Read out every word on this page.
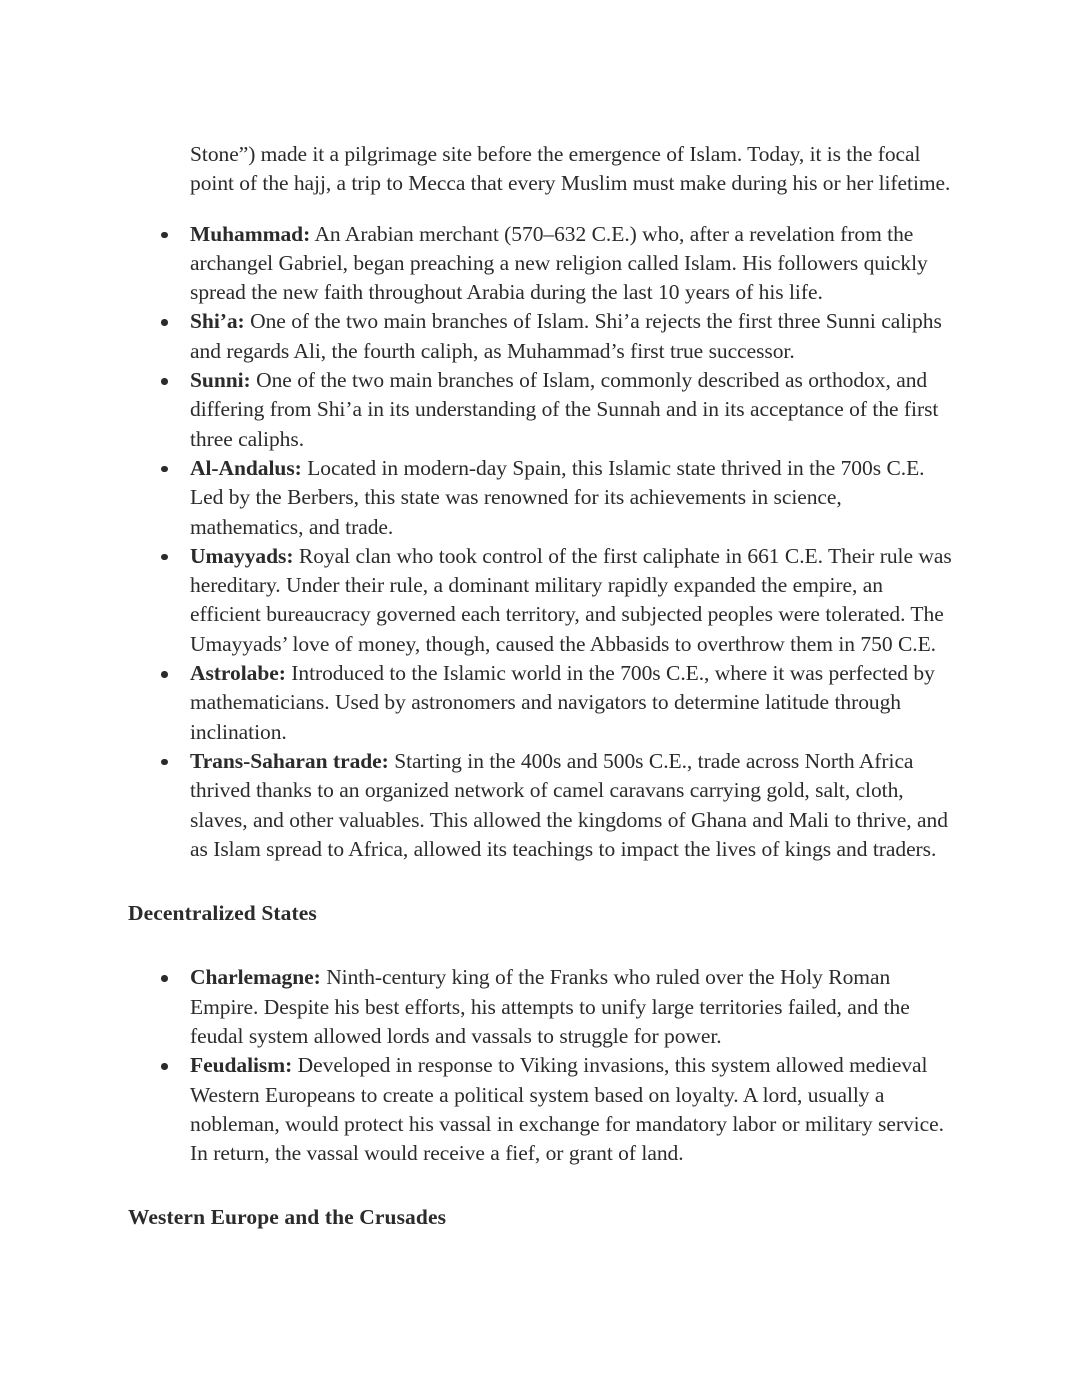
Stone”) made it a pilgrimage site before the emergence of Islam. Today, it is the focal point of the hajj, a trip to Mecca that every Muslim must make during his or her lifetime.

Muhammad: An Arabian merchant (570–632 C.E.) who, after a revelation from the archangel Gabriel, began preaching a new religion called Islam. His followers quickly spread the new faith throughout Arabia during the last 10 years of his life.
Shi’a: One of the two main branches of Islam. Shi’a rejects the first three Sunni caliphs and regards Ali, the fourth caliph, as Muhammad’s first true successor.
Sunni: One of the two main branches of Islam, commonly described as orthodox, and differing from Shi’a in its understanding of the Sunnah and in its acceptance of the first three caliphs.
Al-Andalus: Located in modern-day Spain, this Islamic state thrived in the 700s C.E. Led by the Berbers, this state was renowned for its achievements in science, mathematics, and trade.
Umayyads: Royal clan who took control of the first caliphate in 661 C.E. Their rule was hereditary. Under their rule, a dominant military rapidly expanded the empire, an efficient bureaucracy governed each territory, and subjected peoples were tolerated. The Umayyads’ love of money, though, caused the Abbasids to overthrow them in 750 C.E.
Astrolabe: Introduced to the Islamic world in the 700s C.E., where it was perfected by mathematicians. Used by astronomers and navigators to determine latitude through inclination.
Trans-Saharan trade: Starting in the 400s and 500s C.E., trade across North Africa thrived thanks to an organized network of camel caravans carrying gold, salt, cloth, slaves, and other valuables. This allowed the kingdoms of Ghana and Mali to thrive, and as Islam spread to Africa, allowed its teachings to impact the lives of kings and traders.
Decentralized States
Charlemagne: Ninth-century king of the Franks who ruled over the Holy Roman Empire. Despite his best efforts, his attempts to unify large territories failed, and the feudal system allowed lords and vassals to struggle for power.
Feudalism: Developed in response to Viking invasions, this system allowed medieval Western Europeans to create a political system based on loyalty. A lord, usually a nobleman, would protect his vassal in exchange for mandatory labor or military service. In return, the vassal would receive a fief, or grant of land.
Western Europe and the Crusades
